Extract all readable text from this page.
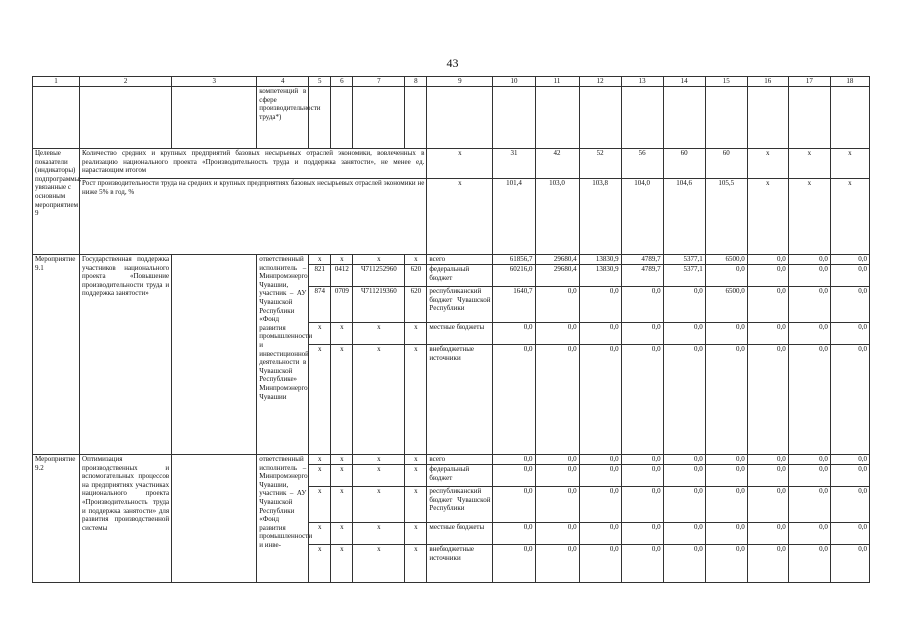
43
1	2	3	4	5	6	7	8	9	10	11	12	13	14	15	16	17	18
			компетенций в сфере производительности труда*)														
Целевые показатели (индикаторы) подпрограммы, увязанные с основным мероприятием 9	Количество средних и крупных предприятий базовых несырьевых отраслей экономики, вовлеченных в реализацию национального проекта «Производительность труда и поддержка занятости», не менее ед. нарастающим итогом							х	31	42	52	56	60	60	х	х	х
	Рост производительности труда на средних и крупных предприятиях базовых несырьевых отраслей экономики не ниже 5% в год, %							х	101,4	103,0	103,8	104,0	104,6	105,5	х	х	х
Мероприятие 9.1	Государственная поддержка участников национального проекта «Повышение производительности труда и поддержка занятости»		ответственный исполнитель – Минпромэнерго Чувашии, участник – АУ Чувашской Республики «Фонд развития промышленности и инвестиционной деятельности в Чувашской Республике» Минпромэнерго Чувашии	х	х	х	х	всего	61856,7	29680,4	13830,9	4789,7	5377,1	6500,0	0,0	0,0	0,0
				821	0412	Ч711252960	620	федеральный бюджет	60216,0	29680,4	13830,9	4789,7	5377,1	0,0	0,0	0,0	0,0
				874	0709	Ч711219360	620	республиканский бюджет Чувашской Республики	1640,7	0,0	0,0	0,0	0,0	6500,0	0,0	0,0	0,0
				х	х	х	х	местные бюджеты	0,0	0,0	0,0	0,0	0,0	0,0	0,0	0,0	0,0
				х	х	х	х	внебюджетные источники	0,0	0,0	0,0	0,0	0,0	0,0	0,0	0,0	0,0
Мероприятие 9.2	Оптимизация производственных и вспомогательных процессов на предприятиях участниках национального проекта «Производительность труда и поддержка занятости» для развития производственной системы		ответственный исполнитель – Минпромэнерго Чувашии, участник – АУ Чувашской Республики «Фонд развития промышленности и инве-	х	х	х	х	всего	0,0	0,0	0,0	0,0	0,0	0,0	0,0	0,0	0,0
				х	х	х	х	федеральный бюджет	0,0	0,0	0,0	0,0	0,0	0,0	0,0	0,0	0,0
				х	х	х	х	республиканский бюджет Чувашской Республики	0,0	0,0	0,0	0,0	0,0	0,0	0,0	0,0	0,0
				х	х	х	х	местные бюджеты	0,0	0,0	0,0	0,0	0,0	0,0	0,0	0,0	0,0
				х	х	х	х	внебюджетные источники	0,0	0,0	0,0	0,0	0,0	0,0	0,0	0,0	0,0
